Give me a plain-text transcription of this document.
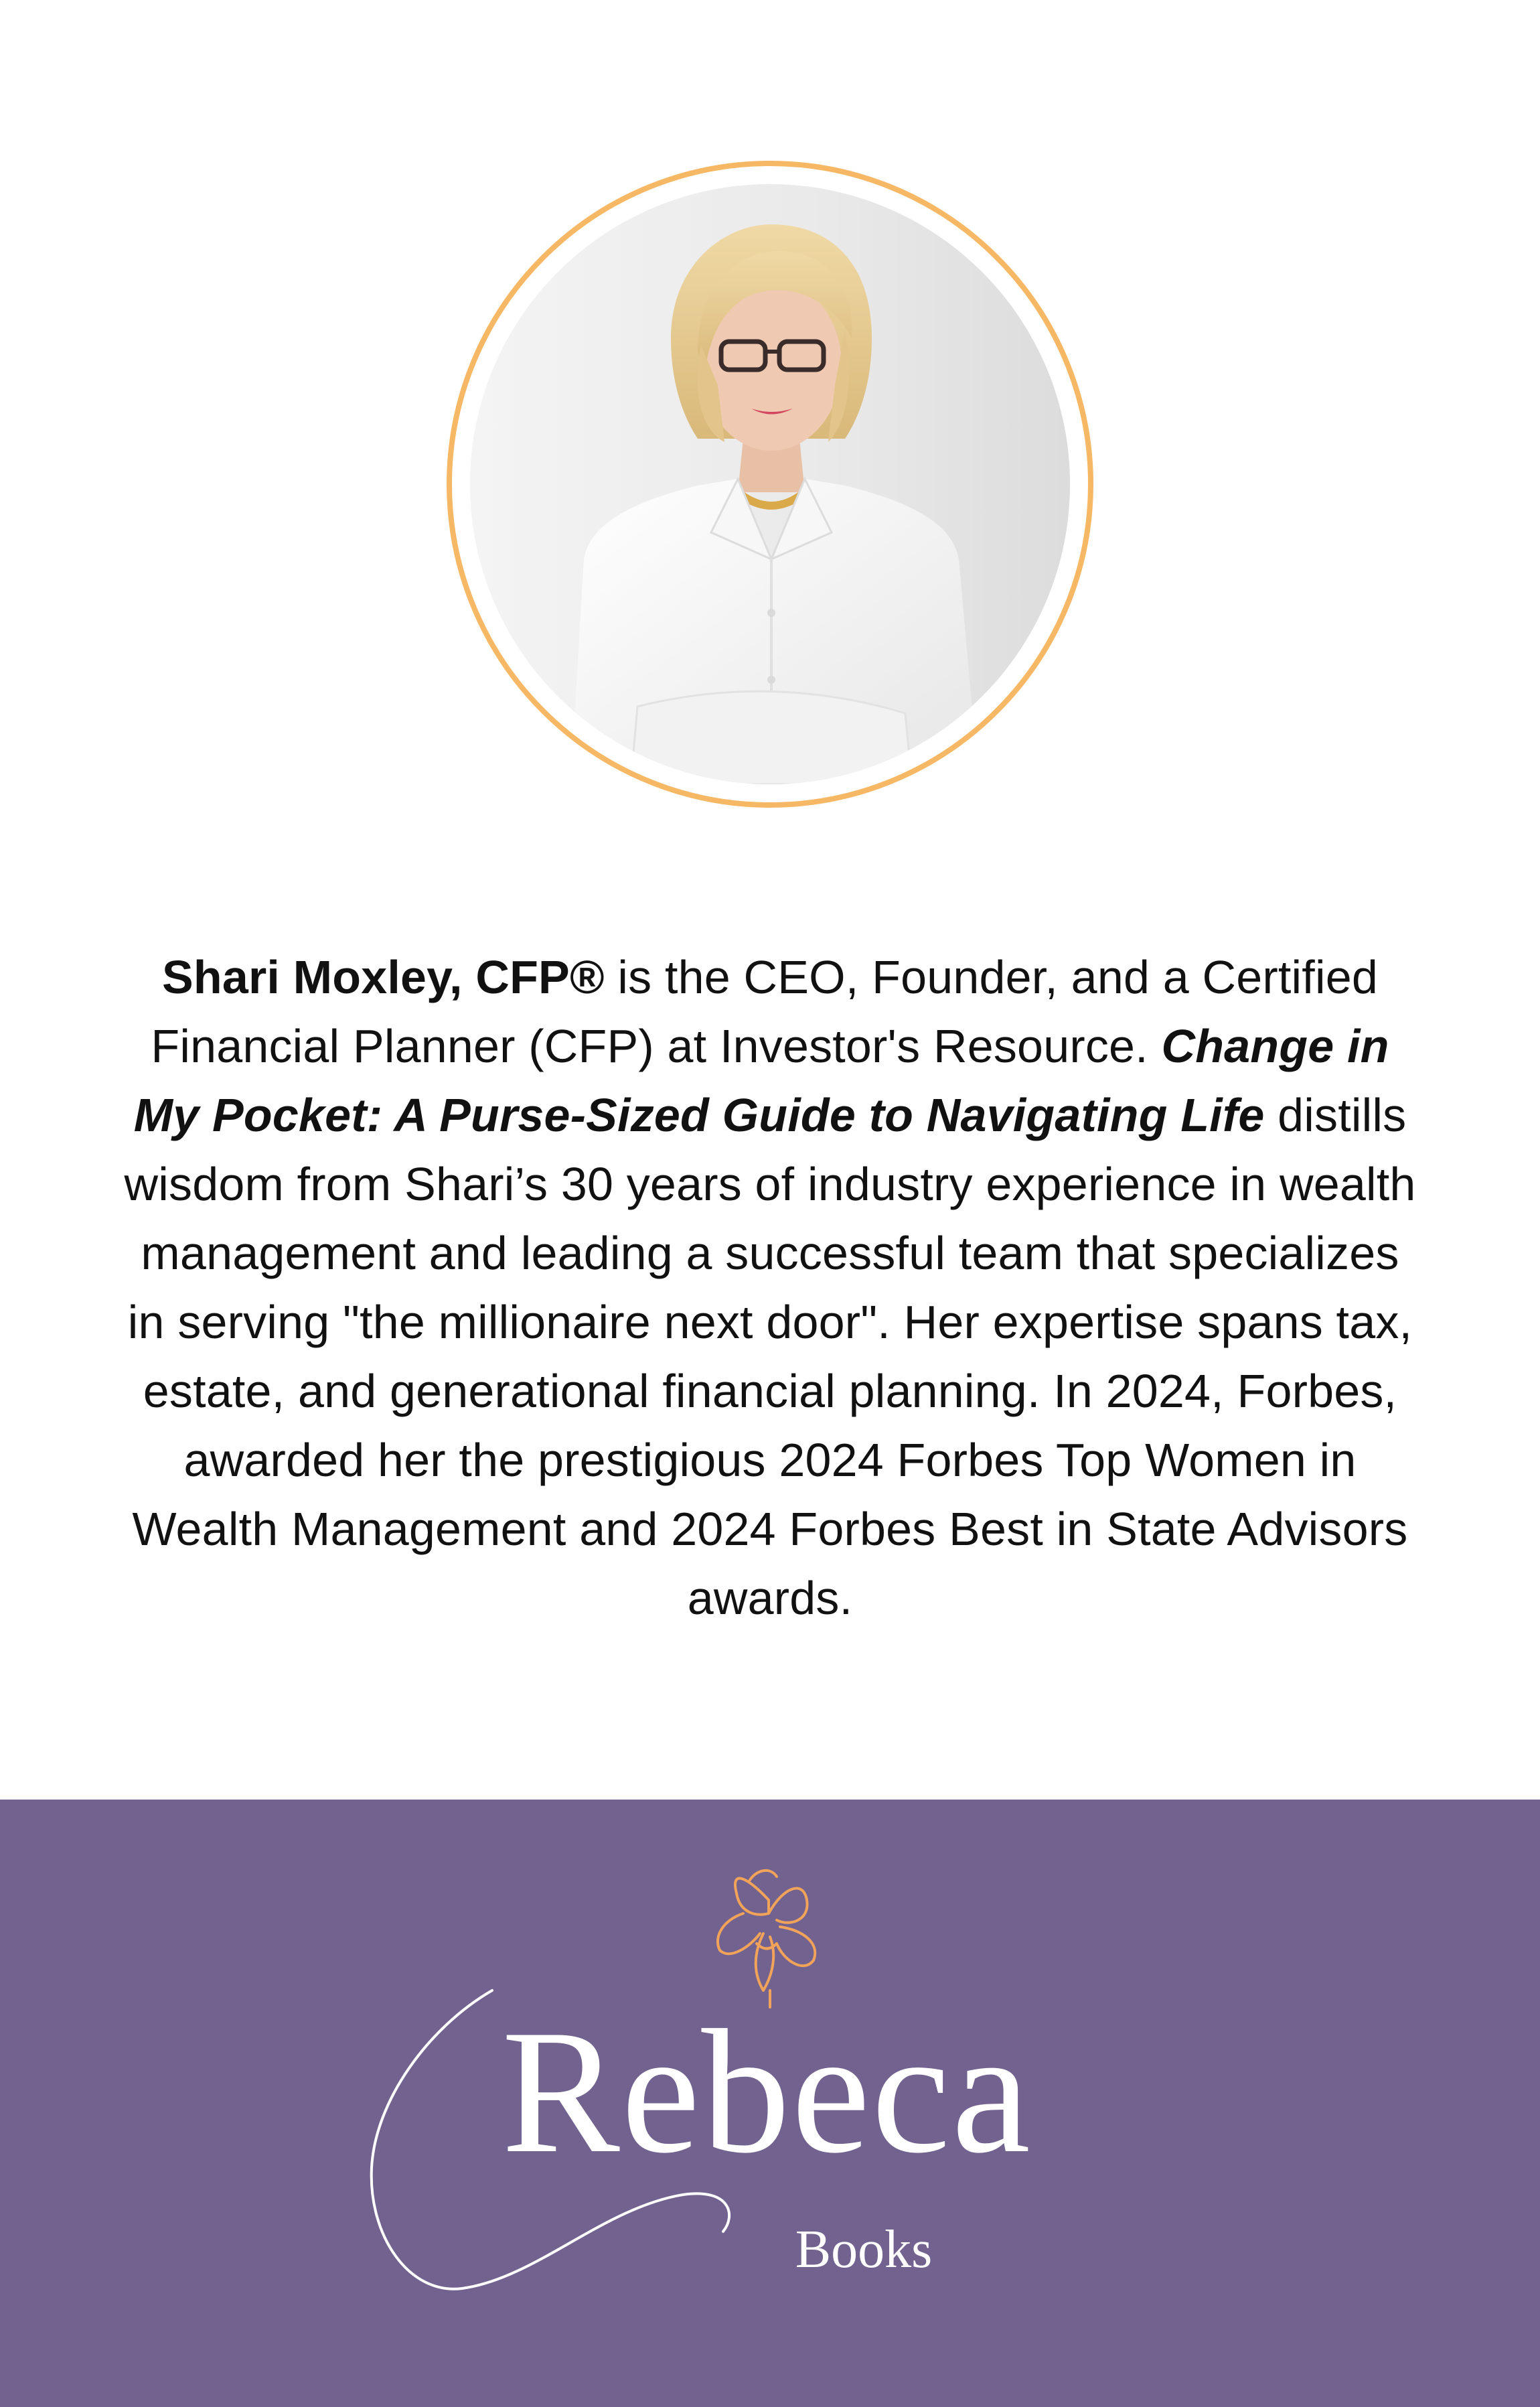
Shari Moxley, CFP® is the CEO, Founder, and a Certified Financial Planner (CFP) at Investor's Resource. Change in My Pocket: A Purse-Sized Guide to Navigating Life distills wisdom from Shari’s 30 years of industry experience in wealth management and leading a successful team that specializes in serving "the millionaire next door". Her expertise spans tax, estate, and generational financial planning. In 2024, Forbes, awarded her the prestigious 2024 Forbes Top Women in Wealth Management and 2024 Forbes Best in State Advisors awards.

Rebeca
Books
